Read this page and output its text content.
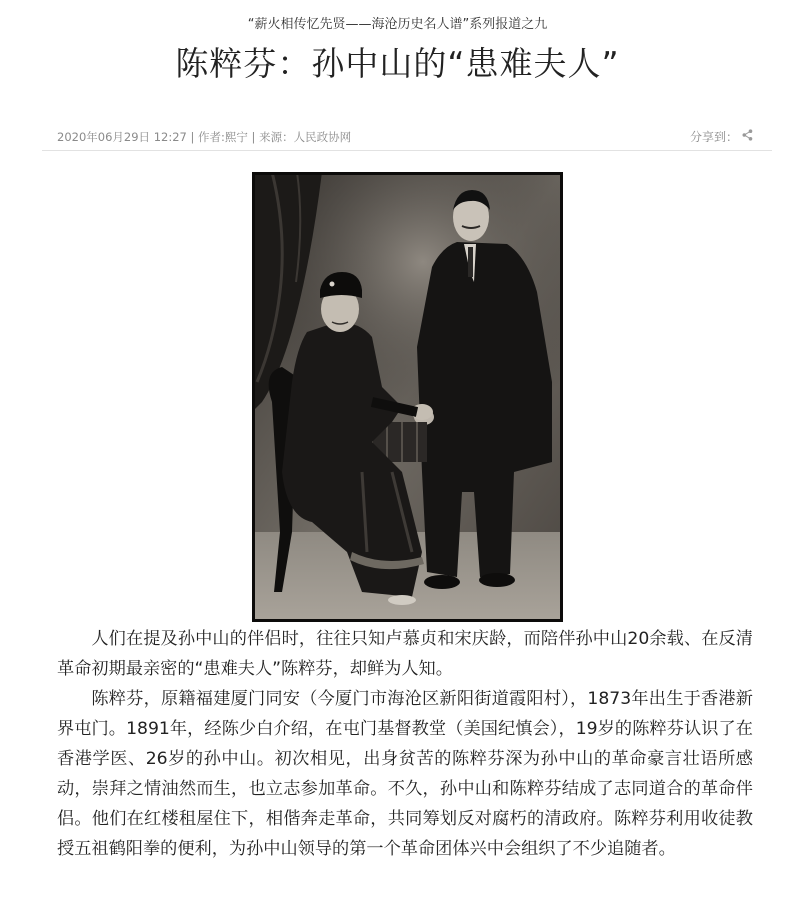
“薪火相传忆先贤——海沧历史名人谱”系列报道之九
陈粹芬：孙中山的“患难夫人”
2020年06月29日 12:27 | 作者:熙宁 | 来源：人民政协网	分享到：

人们在提及孙中山的伴侣时，往往只知卢慕贞和宋庆龄，而陪伴孙中山20余载、在反清革命初期最亲密的“患难夫人”陈粹芬，却鲜为人知。

陈粹芬，原籍福建厦门同安（今厦门市海沧区新阳街道霞阳村），1873年出生于香港新界屯门。1891年，经陈少白介绍，在屯门基督教堂（美国纪慎会），19岁的陈粹芬认识了在香港学医、26岁的孙中山。初次相见，出身贫苦的陈粹芬深为孙中山的革命豪言壮语所感动，崇拜之情油然而生，也立志参加革命。不久，孙中山和陈粹芬结成了志同道合的革命伴侣。他们在红楼租屋住下，相偕奔走革命，共同筹划反对腐朽的清政府。陈粹芬利用收徒教授五祖鹤阳拳的便利，为孙中山领导的第一个革命团体兴中会组织了不少追随者。
